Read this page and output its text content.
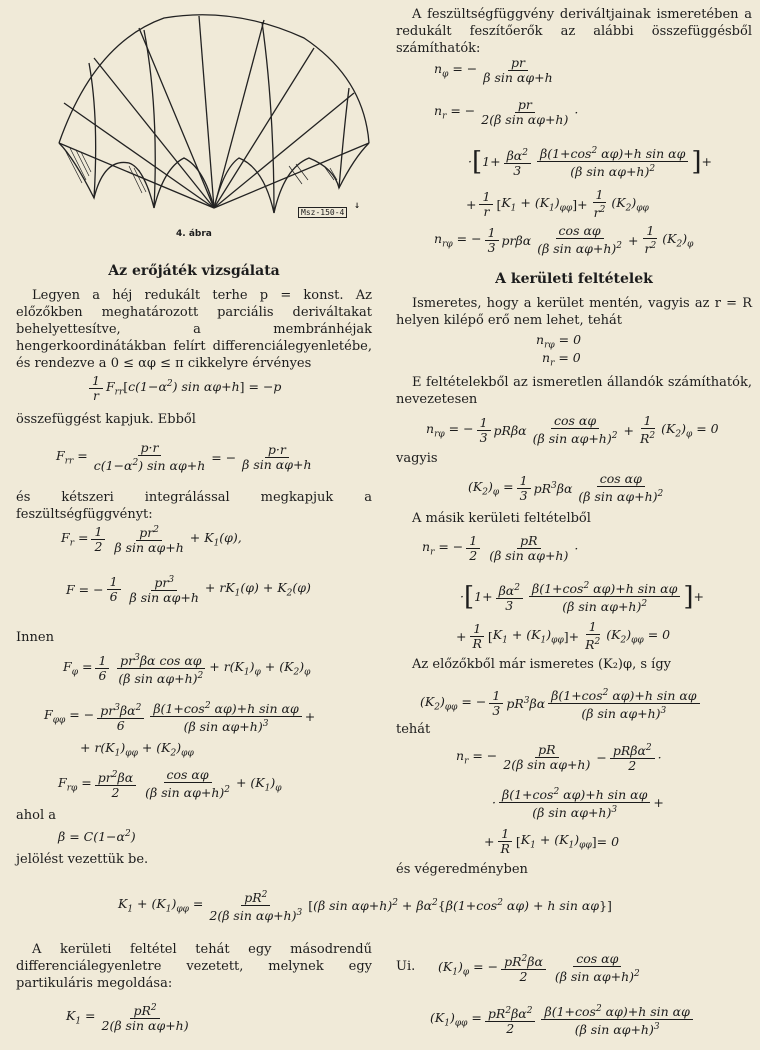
↓
4. ábra
Msz-150-4
Az erőjáték vizsgálata
Legyen a héj redukált terhe p = konst. Az előzőkben meghatározott parciális deriváltakat behelyettesítve, a membránhéjak hengerkoordinátákban felírt differenciálegyenletébe, és rendezve a 0 ≤ αφ ≤ π cikkelyre érvényes
1
r
$F_{rr}[c(1-\alpha^2)$ sin αφ+h] = −p
összefüggést kapjuk. Ebből
$F_{rr} = \frac{p\cdot r}{c(1-\alpha^2) \sin \alpha\varphi+h}$ = − $\frac{p\cdot r}{\text{β sin αφ+h}}$
és kétszeri integrálással megkapjuk a feszültségfüggvényt:
$F_r = \frac{1}{2}$	$pr^2$
β sin αφ+h
+ $K_1(\varphi)$,
F = − $\frac{1}{6}$	$pr^3$
β sin αφ+h
+ $rK_1(\varphi) + K_2(\varphi)$
Innen
$F_\varphi = \frac{1}{6} pr^3\beta\alpha$ cos αφ
(β sin αφ+h)$^2$
+ $r(K_1)_\varphi + (K_2)_\varphi$
$F_{\varphi\varphi}$ = − $\frac{pr^3\beta\alpha^2}{6} \beta(1+\cos^2$ αφ)+h sin αφ
(β sin αφ+h)$^3$	+
+ $r(K_1)_{\varphi\varphi} + (K_2)_{\varphi\varphi}$
$F_{r\varphi} = \frac{pr^2\beta\alpha}{2}$ cos αφ
(β sin αφ+h)$^2$
+ $(K_1)_\varphi$
ahol a
$\beta = C(1-\alpha^2)$
jelölést vezettük be.
A kerületi feltétel tehát egy másodrendű differenciálegyenletre vezetett, melynek egy partikuláris megoldása:
$K_1 = \frac{pR^2}{\text{2(β sin αφ+h)}}$
A feszültségfüggvény deriváltjainak ismeretében a redukált feszítőerők az alábbi összefüggésből számíthatók:
$n_\varphi$ = − $\frac{pr}{\text{β sin αφ+h}}$
$n_r$ = − $\frac{pr}{\text{2(β sin αφ+h)}}$ ·
· [ $1+ \frac{\beta\alpha^2}{3} \beta(1+\cos^2$ αφ)+h sin αφ
(β sin αφ+h)$^2$ ] +
+ $\frac{1}{r}$ [ $K_1 + (K_1)_{\varphi\varphi}$ ] + $\frac{1}{r^2} (K_2)_{\varphi\varphi}$
$n_{r\varphi}$ = − $\frac{1}{3}$ prβα
cos αφ
(β $\sin \alpha\varphi+h)^2 + \frac{1}{r^2} (K_2)_\varphi$
A kerületi feltételek
Ismeretes, hogy a kerület mentén, vagyis az r = R helyen kilépő erő nem lehet, tehát
$n_{r\varphi} = 0$
$n_r = 0$
E feltételekből az ismeretlen állandók számíthatók, nevezetesen
$n_{r\varphi}$ = − $\frac{1}{3}$ pRβα
cos αφ
(β $\sin \alpha\varphi+h)^2 + \frac{1}{R^2} (K_2)_\varphi = 0$
vagyis
$(K_2)_\varphi = \frac{1}{3} pR^3\beta\alpha$
cos αφ
(β sin αφ+h)$^2$
A másik kerületi feltételből
$n_r$ = − $\frac{1}{2}$	pR
(β sin αφ+h) ·
· [ $1+ \frac{\beta\alpha^2}{3} \beta(1+\cos^2$ αφ)+h sin αφ
(β sin αφ+h)$^2$ ] +
+ $\frac{1}{R}$ [ $K_1 + (K_1)_{\varphi\varphi}$ ] + $\frac{1}{R^2} (K_2)_{\varphi\varphi} = 0$
Az előzőkből már ismeretes (K₂)φ, s így
$(K_2)_{\varphi\varphi}$ = − $\frac{1}{3} pR^3\beta\alpha$
$\beta(1+\cos^2$ αφ)+h sin αφ
(β sin αφ+h)$^3$
tehát
$n_r$ = − $\frac{pR}{\text{2(β sin αφ+h)}} - pR\beta\alpha^2$
2
·
·
$\beta(1+\cos^2$ αφ)+h sin αφ
(β sin αφ+h)$^3$	+
+ $\frac{1}{R}$ [ $K_1 + (K_1)_{\varphi\varphi}$ ] = 0
és végeredményben
Ui. $(K_1)_\varphi$ = − $\frac{pR^2\beta\alpha}{2}$ cos αφ
(β sin αφ+h)$^2$
$(K_1)_{\varphi\varphi} = \frac{pR^2\beta\alpha^2}{2} \beta(1+\cos^2$ αφ)+h sin αφ
(β sin αφ+h)$^3$
$K_1 + (K_1)_{\varphi\varphi} = \frac{pR^2}{2(\beta \sin \alpha\varphi+h)^3}$ [ (β $\sin \alpha\varphi+h)^2 + \beta\alpha^2$ { $\beta(1+\cos^2$ αφ) + h sin αφ }]
